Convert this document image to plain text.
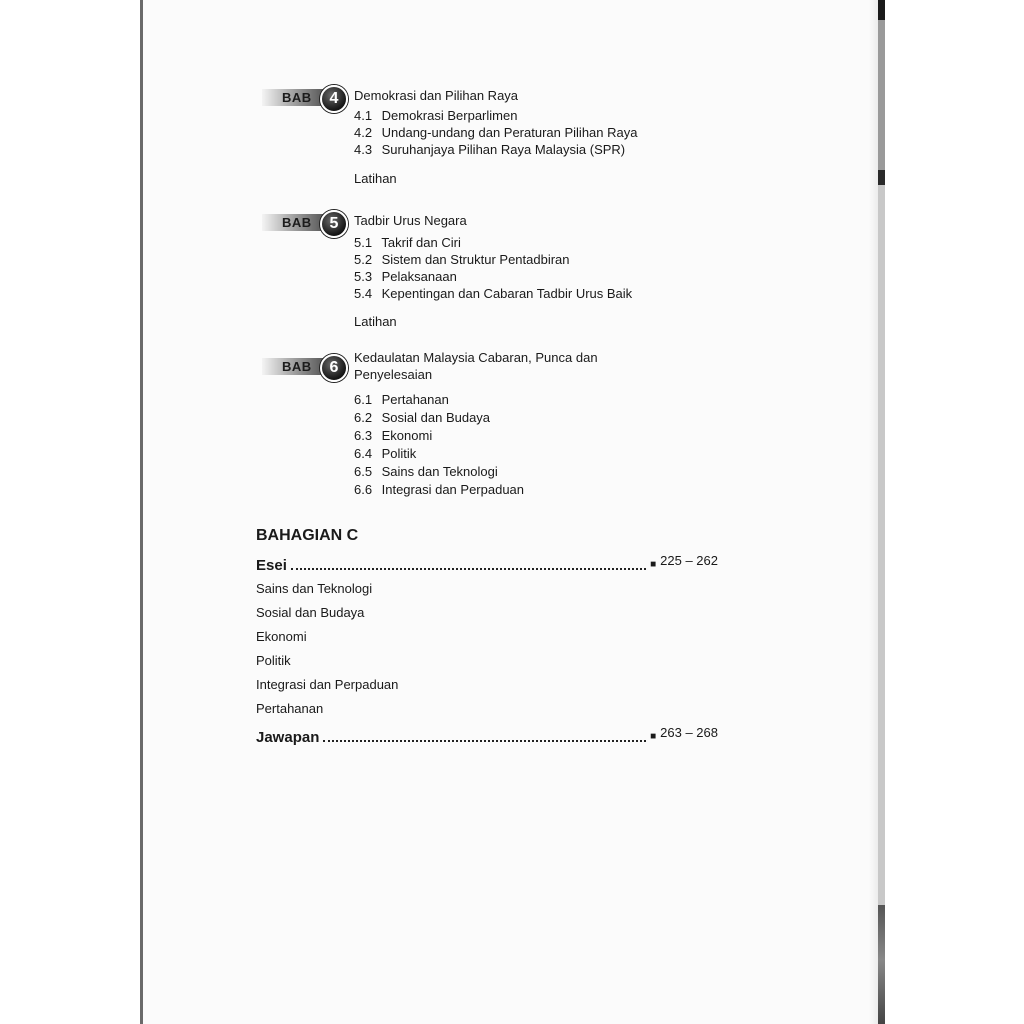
BAB	4	Demokrasi dan Pilihan Raya
4.1 Demokrasi Berparlimen
4.2 Undang-undang dan Peraturan Pilihan Raya
4.3 Suruhanjaya Pilihan Raya Malaysia (SPR)
Latihan
BAB	5	Tadbir Urus Negara
5.1 Takrif dan Ciri
5.2 Sistem dan Struktur Pentadbiran
5.3 Pelaksanaan
5.4 Kepentingan dan Cabaran Tadbir Urus Baik
Latihan
BAB	6
Kedaulatan Malaysia Cabaran, Punca dan
Penyelesaian
6.1 Pertahanan
6.2 Sosial dan Budaya
6.3 Ekonomi
6.4 Politik
6.5 Sains dan Teknologi
6.6 Integrasi dan Perpaduan
BAHAGIAN C
Esei	■ 225 – 262
Sains dan Teknologi
Sosial dan Budaya
Ekonomi
Politik
Integrasi dan Perpaduan
Pertahanan
Jawapan	■ 263 – 268
